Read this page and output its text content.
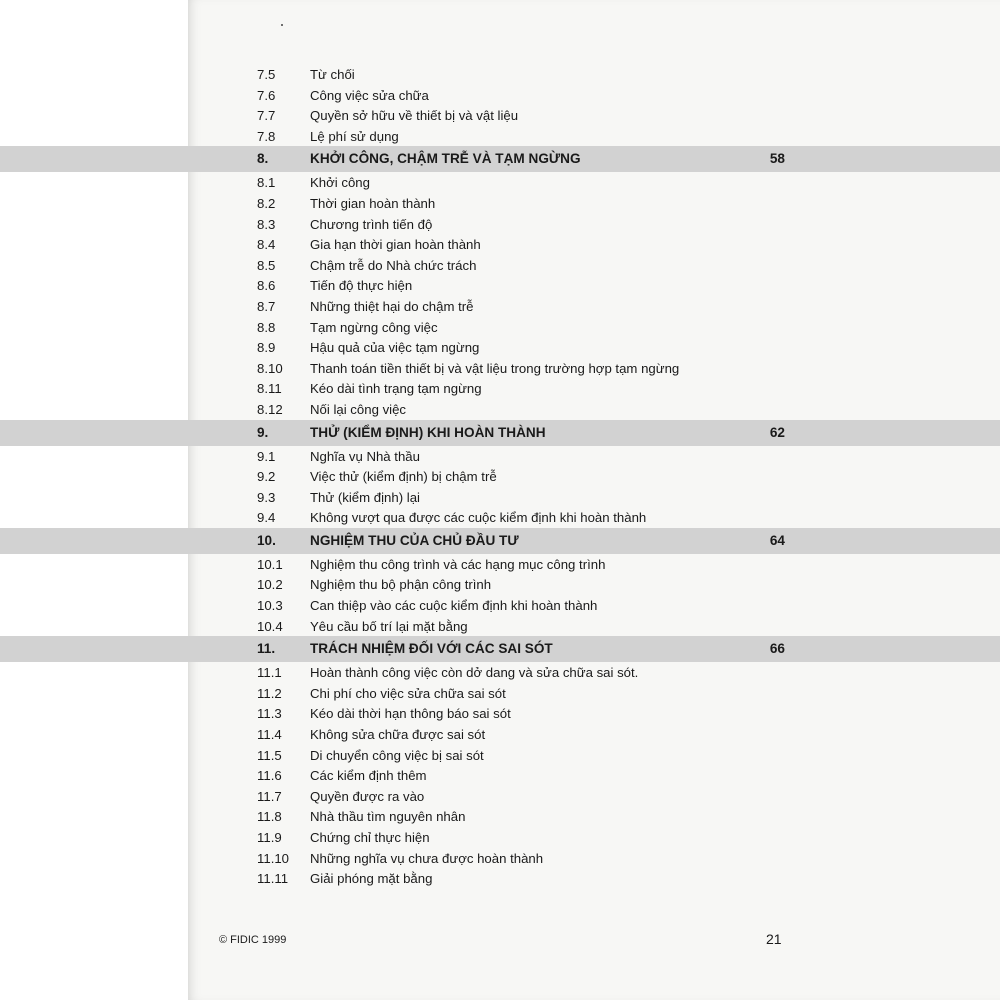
7.5	Từ chối
7.6	Công việc sửa chữa
7.7	Quyền sở hữu về thiết bị và vật liệu
7.8	Lệ phí sử dụng
8.	KHỞI CÔNG, CHẬM TRỄ VÀ TẠM NGỪNG	58
8.1	Khởi công
8.2	Thời gian hoàn thành
8.3	Chương trình tiến độ
8.4	Gia hạn thời gian hoàn thành
8.5	Chậm trễ do Nhà chức trách
8.6	Tiến độ thực hiện
8.7	Những thiệt hại do chậm trễ
8.8	Tạm ngừng công việc
8.9	Hậu quả của việc tạm ngừng
8.10 Thanh toán tiền thiết bị và vật liệu trong trường hợp tạm ngừng
8.11 Kéo dài tình trạng tạm ngừng
8.12 Nối lại công việc
9.	THỬ (KIỂM ĐỊNH) KHI HOÀN THÀNH	62
9.1	Nghĩa vụ Nhà thầu
9.2	Việc thử (kiểm định) bị chậm trễ
9.3	Thử (kiểm định) lại
9.4	Không vượt qua được các cuộc kiểm định khi hoàn thành
10.	NGHIỆM THU CỦA CHỦ ĐẦU TƯ	64
10.1 Nghiệm thu công trình và các hạng mục công trình
10.2 Nghiệm thu bộ phận công trình
10.3 Can thiệp vào các cuộc kiểm định khi hoàn thành
10.4 Yêu cầu bố trí lại mặt bằng
11.	TRÁCH NHIỆM ĐỐI VỚI CÁC SAI SÓT	66
11.1 Hoàn thành công việc còn dở dang và sửa chữa sai sót.
11.2 Chi phí cho việc sửa chữa sai sót
11.3 Kéo dài thời hạn thông báo sai sót
11.4 Không sửa chữa được sai sót
11.5 Di chuyển công việc bị sai sót
11.6 Các kiểm định thêm
11.7 Quyền được ra vào
11.8 Nhà thầu tìm nguyên nhân
11.9 Chứng chỉ thực hiện
11.10 Những nghĩa vụ chưa được hoàn thành
11.11 Giải phóng mặt bằng
© FIDIC 1999	21
